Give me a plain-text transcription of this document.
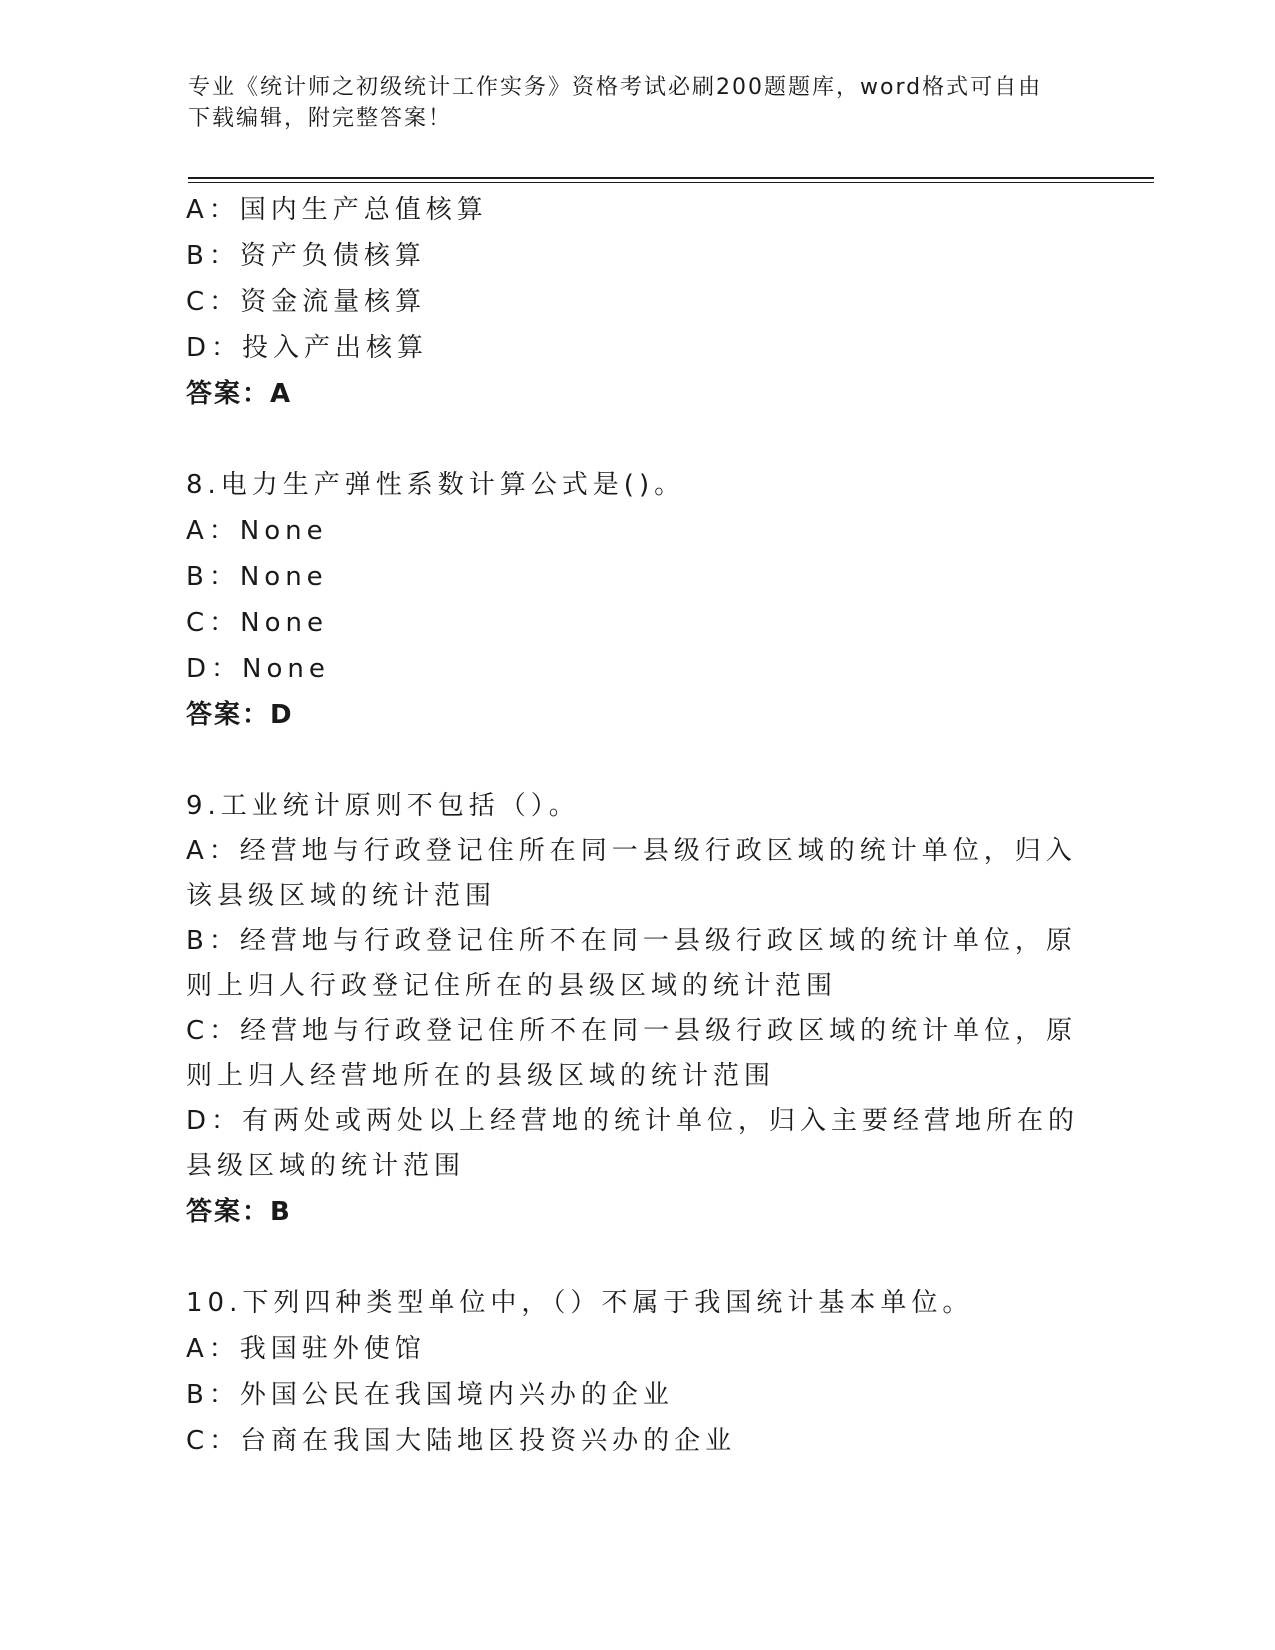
专业《统计师之初级统计工作实务》资格考试必刷200题题库，word格式可自由
下载编辑，附完整答案！
A：国内生产总值核算
B：资产负债核算
C：资金流量核算
D：投入产出核算
答案：A
8.电力生产弹性系数计算公式是()。
A：None
B：None
C：None
D：None
答案：D
9.工业统计原则不包括（）。
A：经营地与行政登记住所在同一县级行政区域的统计单位，归入该县级区域的统计范围
B：经营地与行政登记住所不在同一县级行政区域的统计单位，原则上归人行政登记住所在的县级区域的统计范围
C：经营地与行政登记住所不在同一县级行政区域的统计单位，原则上归人经营地所在的县级区域的统计范围
D：有两处或两处以上经营地的统计单位，归入主要经营地所在的县级区域的统计范围
答案：B
10.下列四种类型单位中，（）不属于我国统计基本单位。
A：我国驻外使馆
B：外国公民在我国境内兴办的企业
C：台商在我国大陆地区投资兴办的企业
